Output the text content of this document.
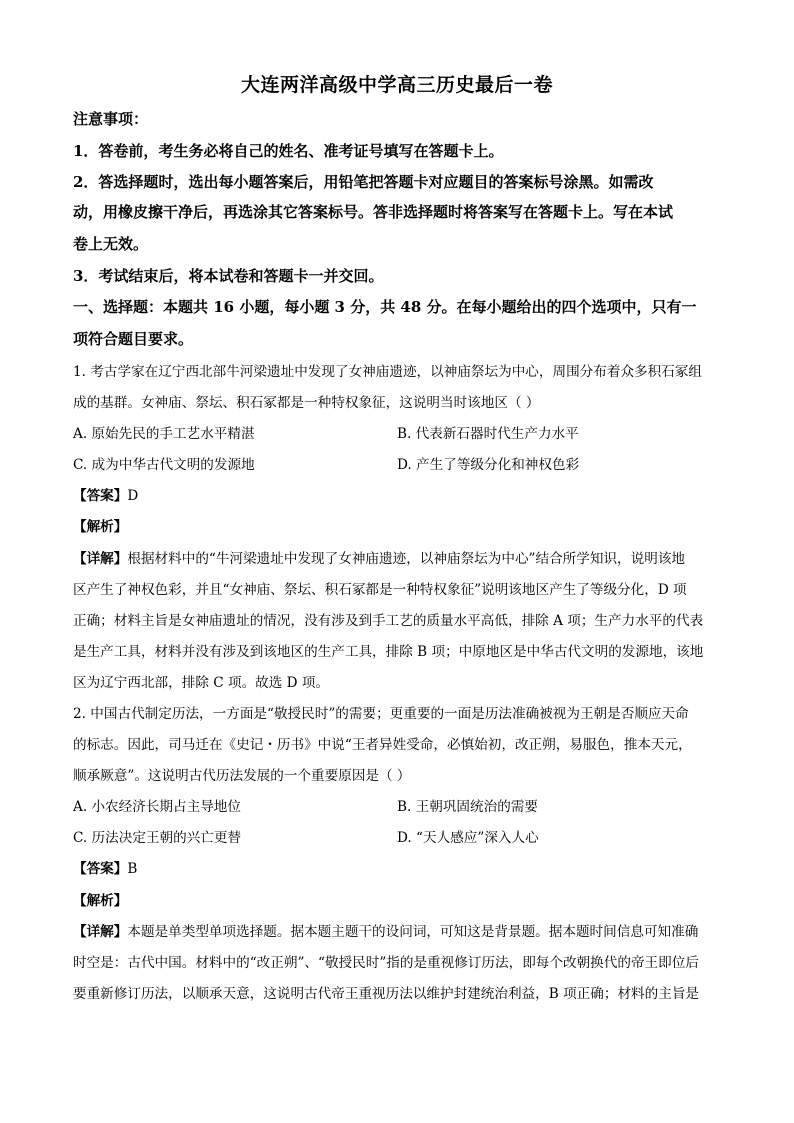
大连两洋高级中学高三历史最后一卷
注意事项：
1．答卷前，考生务必将自己的姓名、准考证号填写在答题卡上。
2．答选择题时，选出每小题答案后，用铅笔把答题卡对应题目的答案标号涂黑。如需改
动，用橡皮擦干净后，再选涂其它答案标号。答非选择题时将答案写在答题卡上。写在本试
卷上无效。
3．考试结束后，将本试卷和答题卡一并交回。
一、选择题：本题共 16 小题，每小题 3 分，共 48 分。在每小题给出的四个选项中，只有一
项符合题目要求。
1. 考古学家在辽宁西北部牛河梁遗址中发现了女神庙遗迹，以神庙祭坛为中心，周围分布着众多积石冢组
成的基群。女神庙、祭坛、积石冢都是一种特权象征，这说明当时该地区（ ）
A. 原始先民的手工艺水平精湛	B. 代表新石器时代生产力水平
C. 成为中华古代文明的发源地	D. 产生了等级分化和神权色彩
【答案】D
【解析】
【详解】根据材料中的“牛河梁遗址中发现了女神庙遗迹，以神庙祭坛为中心”结合所学知识，说明该地
区产生了神权色彩，并且“女神庙、祭坛、积石冢都是一种特权象征”说明该地区产生了等级分化，D 项
正确；材料主旨是女神庙遗址的情况，没有涉及到手工艺的质量水平高低，排除 A 项；生产力水平的代表
是生产工具，材料并没有涉及到该地区的生产工具，排除 B 项；中原地区是中华古代文明的发源地，该地
区为辽宁西北部，排除 C 项。故选 D 项。
2. 中国古代制定历法，一方面是“敬授民时”的需要；更重要的一面是历法准确被视为王朝是否顺应天命
的标志。因此，司马迁在《史记・历书》中说“王者异姓受命，必慎始初，改正朔，易服色，推本天元，
顺承厥意”。这说明古代历法发展的一个重要原因是（ ）
A. 小农经济长期占主导地位	B. 王朝巩固统治的需要
C. 历法决定王朝的兴亡更替	D. “天人感应”深入人心
【答案】B
【解析】
【详解】本题是单类型单项选择题。据本题主题干的设问词，可知这是背景题。据本题时间信息可知准确
时空是：古代中国。材料中的“改正朔”、“敬授民时”指的是重视修订历法，即每个改朝换代的帝王即位后
要重新修订历法，以顺承天意，这说明古代帝王重视历法以维护封建统治利益，B 项正确；材料的主旨是
